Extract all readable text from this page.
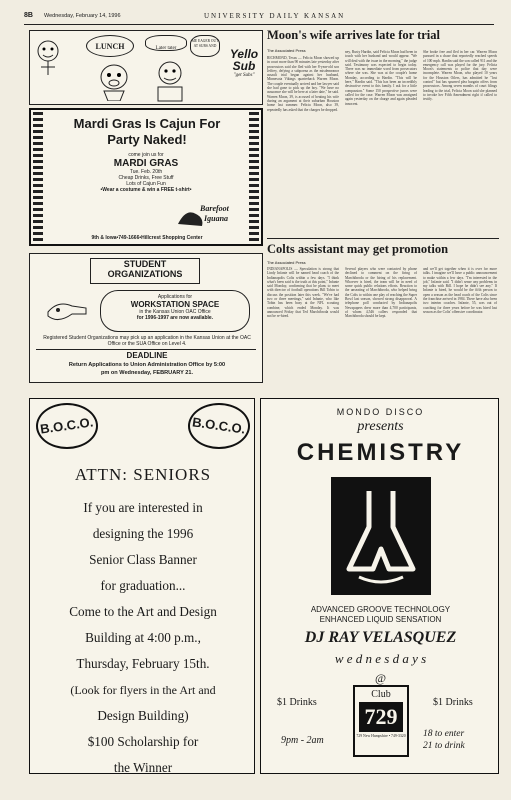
8B Wednesday, February 14, 1996	UNIVERSITY DAILY KANSAN
LUNCH	Later tater
ME EAGER OUT AT SUBS AND
Yello
Sub
"get Subs"
Mardi Gras Is Cajun For
Party Naked!
come join us for
MARDI GRAS
Tue. Feb. 20th
Cheap Drinks, Free Stuff
Lots of Cajun Fun
•Wear a costume & win a FREE t-shirt•
Barefoot
Iguana
9th & Iowa•749-1666•Hillcrest Shopping Center
STUDENT
ORGANIZATIONS
Applications for
WORKSTATION SPACE
in the Kansas Union OAC Office
for 1996-1997 are now available.
Registered Student Organizations may pick up an application in the Kansas Union at the OAC Office or the SUA Office on Level 4.
DEADLINE
Return Applications to Union Administration Office by 5:00
pm on Wednesday, FEBRUARY 21.
Moon's wife arrives late for trial
The Associated Press
RICHMOND, Texas — Felicia Moon showed up in court more than 90 minutes late yesterday after prosecutors said she fled with her 8-year-old son Jeffrey, defying a subpoena as the misdemeanor assault trial began against her husband, Minnesota Vikings quarterback Warren Moon. The couple eventually arrived and her lawyer said she had gone to pick up the boy. "We have no assurance she will be here at a later date," he said. Warren Moon, 39, is accused of beating his wife during an argument at their suburban Houston home last summer. Felicia Moon, also 39, repeatedly has asked that the charges be dropped.
ney, Rusty Hardin, said Felicia Moon had been in touch with her husband and would appear. "We will deal with the issue in the morning," the judge said. Testimony was expected to begin today. There was no immediate word from prosecutors where she was. She was at the couple's home Monday, according to Hardin. "This will be here," Hardin said. "This has been an incredibly destructive event to this family. I ask for a little compassion." Some 150 prospective jurors were called for the case. Warren Moon was arraigned again yesterday on the charge and again pleaded innocent.
She broke free and fled in her car. Warren Moon pursued in a chase that reportedly reached speeds of 100 mph. Hardin said the son called 911 and the emergency call was played for the jury. Felicia Moon's statements to police that day were incomplete. Warren Moon, who played 10 years for the Houston Oilers, has admitted he "lost control" but has spurned plea bargain offers from prosecutors. Among seven months of court filings leading to the trial, Felicia Moon said she planned to invoke her Fifth Amendment right if called to testify.
Colts assistant may get promotion
The Associated Press
INDIANAPOLIS — Speculation is strong that Lindy Infante will be named head coach of the Indianapolis Colts within a few days. "I think what's been said is the truth at this point," Infante said Monday, confirming that he plans to meet with director of football operations Bill Tobin to discuss the position later this week. "We've had two or three meetings," said Infante, who like Tobin has been busy at the NFL scouting combine, which ended Monday. It was announced Friday that Ted Marchibroda would not be re-hired.
Several players who were contacted by phone declined to comment on the firing of Marchibroda or the hiring of his replacement. Whoever is hired, the team will be in need of some quick public relations efforts. Reaction to the unseating of Marchibroda, who helped bring the Colts to within one play of reaching the Super Bowl last season, showed strong disapproval. A telephone poll conducted by Indianapolis Newspapers drew more than 4,700 participants, of whom 4,546 callers responded that Marchibroda should be kept.
and we'll get together when it is over for more talks. I imagine we'll have a public announcement to make within a few days. "I'm interested in the job," Infante said. "I didn't sense any problems in my talks with Bill. I hope he didn't see any." If Infante is hired, he would be the fifth person to open a season as the head coach of the Colts since the franchise arrived in 1984. There have also been two interim coaches. Infante, 55, was out of coaching for three years before he was hired last season as the Colts' offensive coordinator.
B.O.C.O.	B.O.C.O.
ATTN: SENIORS
If you are interested in
designing the 1996
Senior Class Banner
for graduation...
Come to the Art and Design
Building at 4:00 p.m.,
Thursday, February 15th.
(Look for flyers in the Art and
Design Building)
$100 Scholarship for
the Winner
MONDO DISCO
presents
CHEMISTRY
ADVANCED GROOVE TECHNOLOGY
ENHANCED LIQUID SENSATION
DJ RAY VELASQUEZ
w e d n e s d a y s
@
$1 Drinks	$1 Drinks
Club
729
729 New Hampshire • 749-3320
9pm - 2am
18 to enter
21 to drink
